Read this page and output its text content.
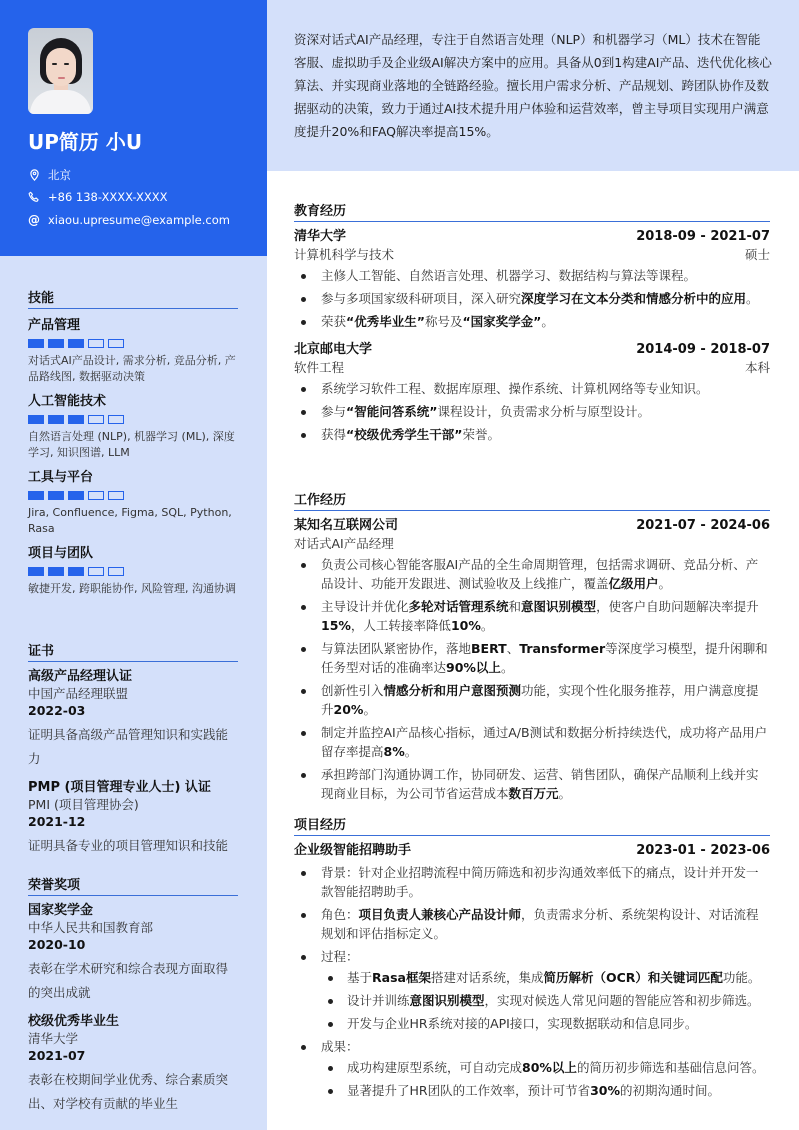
UP简历 小U
北京
+86 138-XXXX-XXXX
@ xiaou.upresume@example.com
技能
产品管理
对话式AI产品设计, 需求分析, 竞品分析, 产品路线图, 数据驱动决策
人工智能技术
自然语言处理 (NLP), 机器学习 (ML), 深度学习, 知识图谱, LLM
工具与平台
Jira, Confluence, Figma, SQL, Python, Rasa
项目与团队
敏捷开发, 跨职能协作, 风险管理, 沟通协调
证书
高级产品经理认证
中国产品经理联盟
2022-03
证明具备高级产品管理知识和实践能力
PMP (项目管理专业人士) 认证
PMI (项目管理协会)
2021-12
证明具备专业的项目管理知识和技能
荣誉奖项
国家奖学金
中华人民共和国教育部
2020-10
表彰在学术研究和综合表现方面取得的突出成就
校级优秀毕业生
清华大学
2021-07
表彰在校期间学业优秀、综合素质突出、对学校有贡献的毕业生

资深对话式AI产品经理，专注于自然语言处理（NLP）和机器学习（ML）技术在智能客服、虚拟助手及企业级AI解决方案中的应用。具备从0到1构建AI产品、迭代优化核心算法、并实现商业落地的全链路经验。擅长用户需求分析、产品规划、跨团队协作及数据驱动的决策，致力于通过AI技术提升用户体验和运营效率，曾主导项目实现用户满意度提升20%和FAQ解决率提高15%。

教育经历
清华大学	2018-09 - 2021-07
计算机科学与技术	硕士
主修人工智能、自然语言处理、机器学习、数据结构与算法等课程。
参与多项国家级科研项目，深入研究深度学习在文本分类和情感分析中的应用。
荣获“优秀毕业生”称号及“国家奖学金”。
北京邮电大学	2014-09 - 2018-07
软件工程	本科
系统学习软件工程、数据库原理、操作系统、计算机网络等专业知识。
参与“智能问答系统”课程设计，负责需求分析与原型设计。
获得“校级优秀学生干部”荣誉。
工作经历
某知名互联网公司	2021-07 - 2024-06
对话式AI产品经理
负责公司核心智能客服AI产品的全生命周期管理，包括需求调研、竞品分析、产品设计、功能开发跟进、测试验收及上线推广，覆盖亿级用户。
主导设计并优化多轮对话管理系统和意图识别模型，使客户自助问题解决率提升15%，人工转接率降低10%。
与算法团队紧密协作，落地BERT、Transformer等深度学习模型，提升闲聊和任务型对话的准确率达90%以上。
创新性引入情感分析和用户意图预测功能，实现个性化服务推荐，用户满意度提升20%。
制定并监控AI产品核心指标，通过A/B测试和数据分析持续迭代，成功将产品用户留存率提高8%。
承担跨部门沟通协调工作，协同研发、运营、销售团队，确保产品顺利上线并实现商业目标，为公司节省运营成本数百万元。
项目经历
企业级智能招聘助手	2023-01 - 2023-06
背景：针对企业招聘流程中简历筛选和初步沟通效率低下的痛点，设计并开发一款智能招聘助手。
角色：项目负责人兼核心产品设计师，负责需求分析、系统架构设计、对话流程规划和评估指标定义。
过程：
基于Rasa框架搭建对话系统，集成简历解析（OCR）和关键词匹配功能。
设计并训练意图识别模型，实现对候选人常见问题的智能应答和初步筛选。
开发与企业HR系统对接的API接口，实现数据联动和信息同步。
成果：
成功构建原型系统，可自动完成80%以上的简历初步筛选和基础信息问答。
显著提升了HR团队的工作效率，预计可节省30%的初期沟通时间。
